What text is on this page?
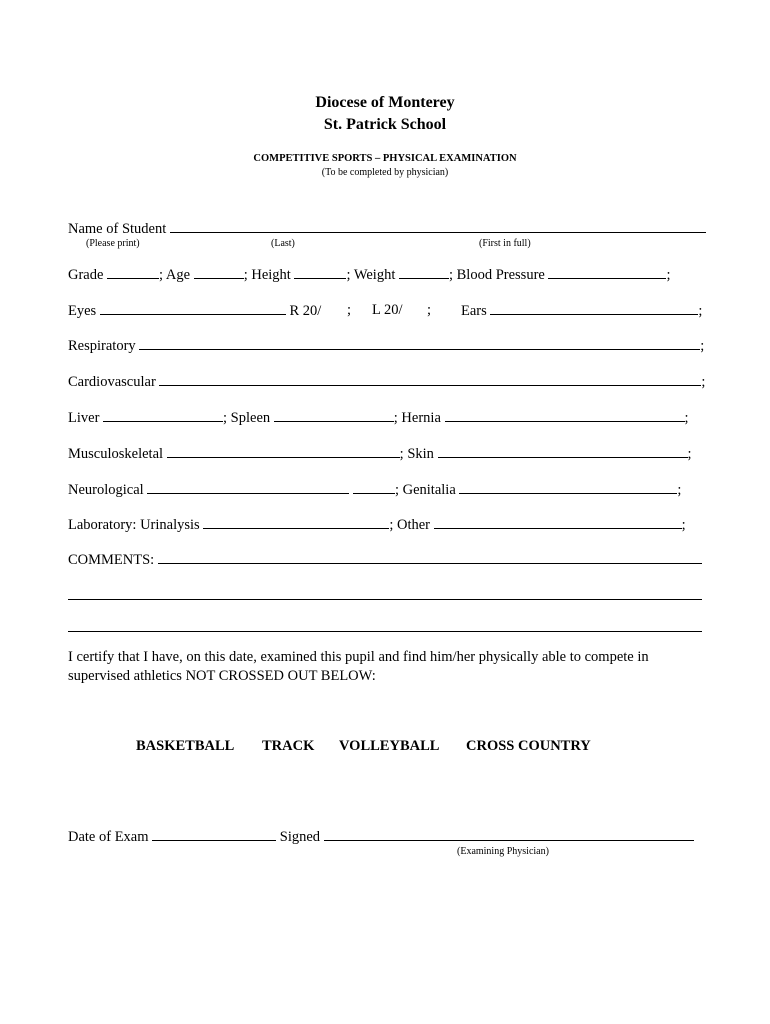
Diocese of Monterey
St. Patrick School
COMPETITIVE SPORTS – PHYSICAL EXAMINATION
(To be completed by physician)
Name of Student
(Please print)	(Last)	(First in full)
Grade	; Age	; Height	; Weight	; Blood Pressure	;
Eyes	R 20/ ; L 20/ ; Ears	;
Respiratory	;
Cardiovascular	;
Liver	; Spleen	; Hernia	;
Musculoskeletal	; Skin	;
Neurological	; Genitalia	;
Laboratory: Urinalysis	; Other	;
COMMENTS:
I certify that I have, on this date, examined this pupil and find him/her physically able to compete in
supervised athletics NOT CROSSED OUT BELOW:
BASKETBALL TRACK VOLLEYBALL CROSS COUNTRY
Date of Exam	Signed
(Examining Physician)
